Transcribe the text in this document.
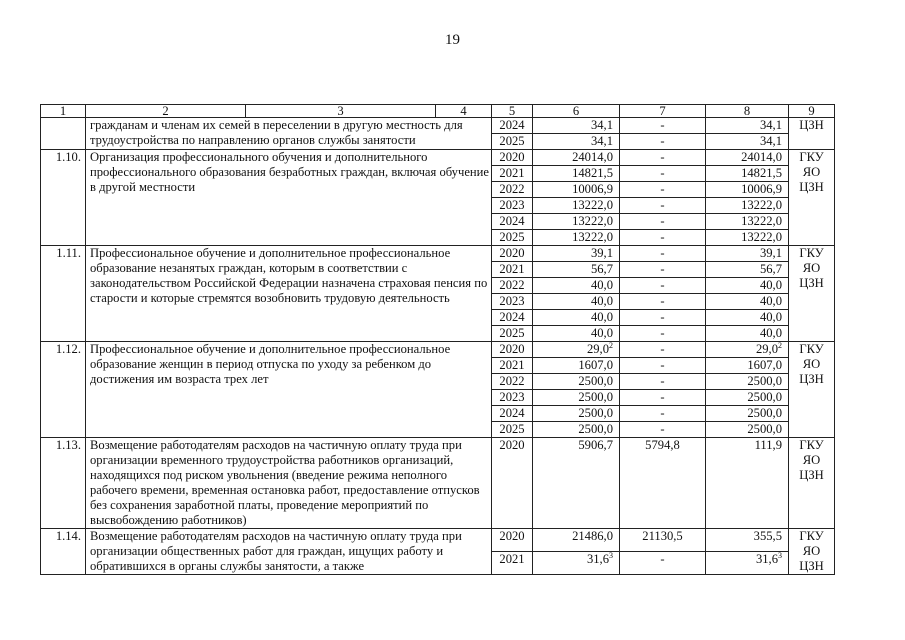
19
1	2	3	4	5	6	7	8	9
	гражданам и членам их семей в переселении в другую местность для трудоустройства по направлению органов службы занятости			2024	34,1	-	34,1	ЦЗН
				2025	34,1	-	34,1	
1.10.	Организация профессионального обучения и дополнительного профессионального образования безработных граждан, включая обучение в другой местности			2020	24014,0	-	24014,0	ГКУ ЯО ЦЗН
				2021	14821,5	-	14821,5	
				2022	10006,9	-	10006,9	
				2023	13222,0	-	13222,0	
				2024	13222,0	-	13222,0	
				2025	13222,0	-	13222,0	
1.11.	Профессиональное обучение и дополнительное профессиональное образование незанятых граждан, которым в соответствии с законодательством Российской Федерации назначена страховая пенсия по старости и которые стремятся возобновить трудовую деятельность			2020	39,1	-	39,1	ГКУ ЯО ЦЗН
				2021	56,7	-	56,7	
				2022	40,0	-	40,0	
				2023	40,0	-	40,0	
				2024	40,0	-	40,0	
				2025	40,0	-	40,0	
1.12.	Профессиональное обучение и дополнительное профессиональное образование женщин в период отпуска по уходу за ребенком до достижения им возраста трех лет			2020	29,0$^2$	-	29,0$^2$	ГКУ ЯО ЦЗН
				2021	1607,0	-	1607,0	
				2022	2500,0	-	2500,0	
				2023	2500,0	-	2500,0	
				2024	2500,0	-	2500,0	
				2025	2500,0	-	2500,0	
1.13.	Возмещение работодателям расходов на частичную оплату труда при организации временного трудоустройства работников организаций, находящихся под риском увольнения (введение режима неполного рабочего времени, временная остановка работ, предоставление отпусков без сохранения заработной платы, проведение мероприятий по высвобождению работников)			2020	5906,7	5794,8	111,9	ГКУ ЯО ЦЗН
1.14.	Возмещение работодателям расходов на частичную оплату труда при организации общественных работ для граждан, ищущих работу и обратившихся в органы службы занятости, а также			2020	21486,0	21130,5	355,5	ГКУ ЯО ЦЗН
				2021	31,6$^3$	-	31,6$^3$
